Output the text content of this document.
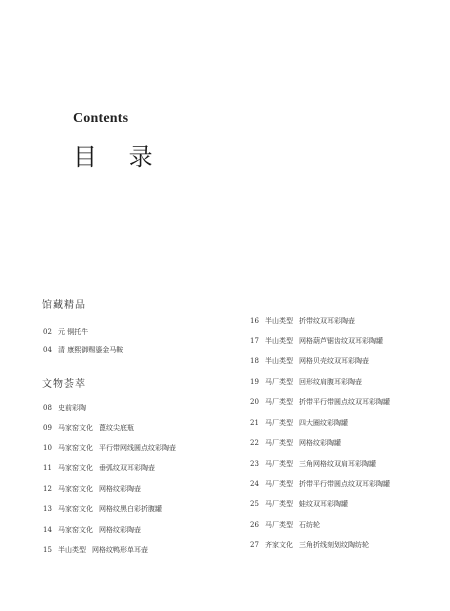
Contents
目 录
馆藏精品
02 元 铜托牛
04 清 康熙御赐鎏金马鞍
文物荟萃
08 史前彩陶
09 马家窑文化 蓖纹尖底瓶
10 马家窑文化 平行带网线圆点纹彩陶壶
11 马家窑文化 垂弧纹双耳彩陶壶
12 马家窑文化 网格纹彩陶壶
13 马家窑文化 网格纹黑白彩折腹罐
14 马家窑文化 网格纹彩陶壶
15 半山类型 网格纹鸭形单耳壶
16 半山类型 折带纹双耳彩陶壶
17 半山类型 网格葫芦锯齿纹双耳彩陶罐
18 半山类型 网格贝壳纹双耳彩陶壶
19 马厂类型 回形纹肩腹耳彩陶壶
20 马厂类型 折带平行带圆点纹双耳彩陶罐
21 马厂类型 四大圈纹彩陶罐
22 马厂类型 网格纹彩陶罐
23 马厂类型 三角网格纹双肩耳彩陶罐
24 马厂类型 折带平行带圆点纹双耳彩陶罐
25 马厂类型 蛙纹双耳彩陶罐
26 马厂类型 石纺轮
27 齐家文化 三角折线刻划纹陶纺轮
